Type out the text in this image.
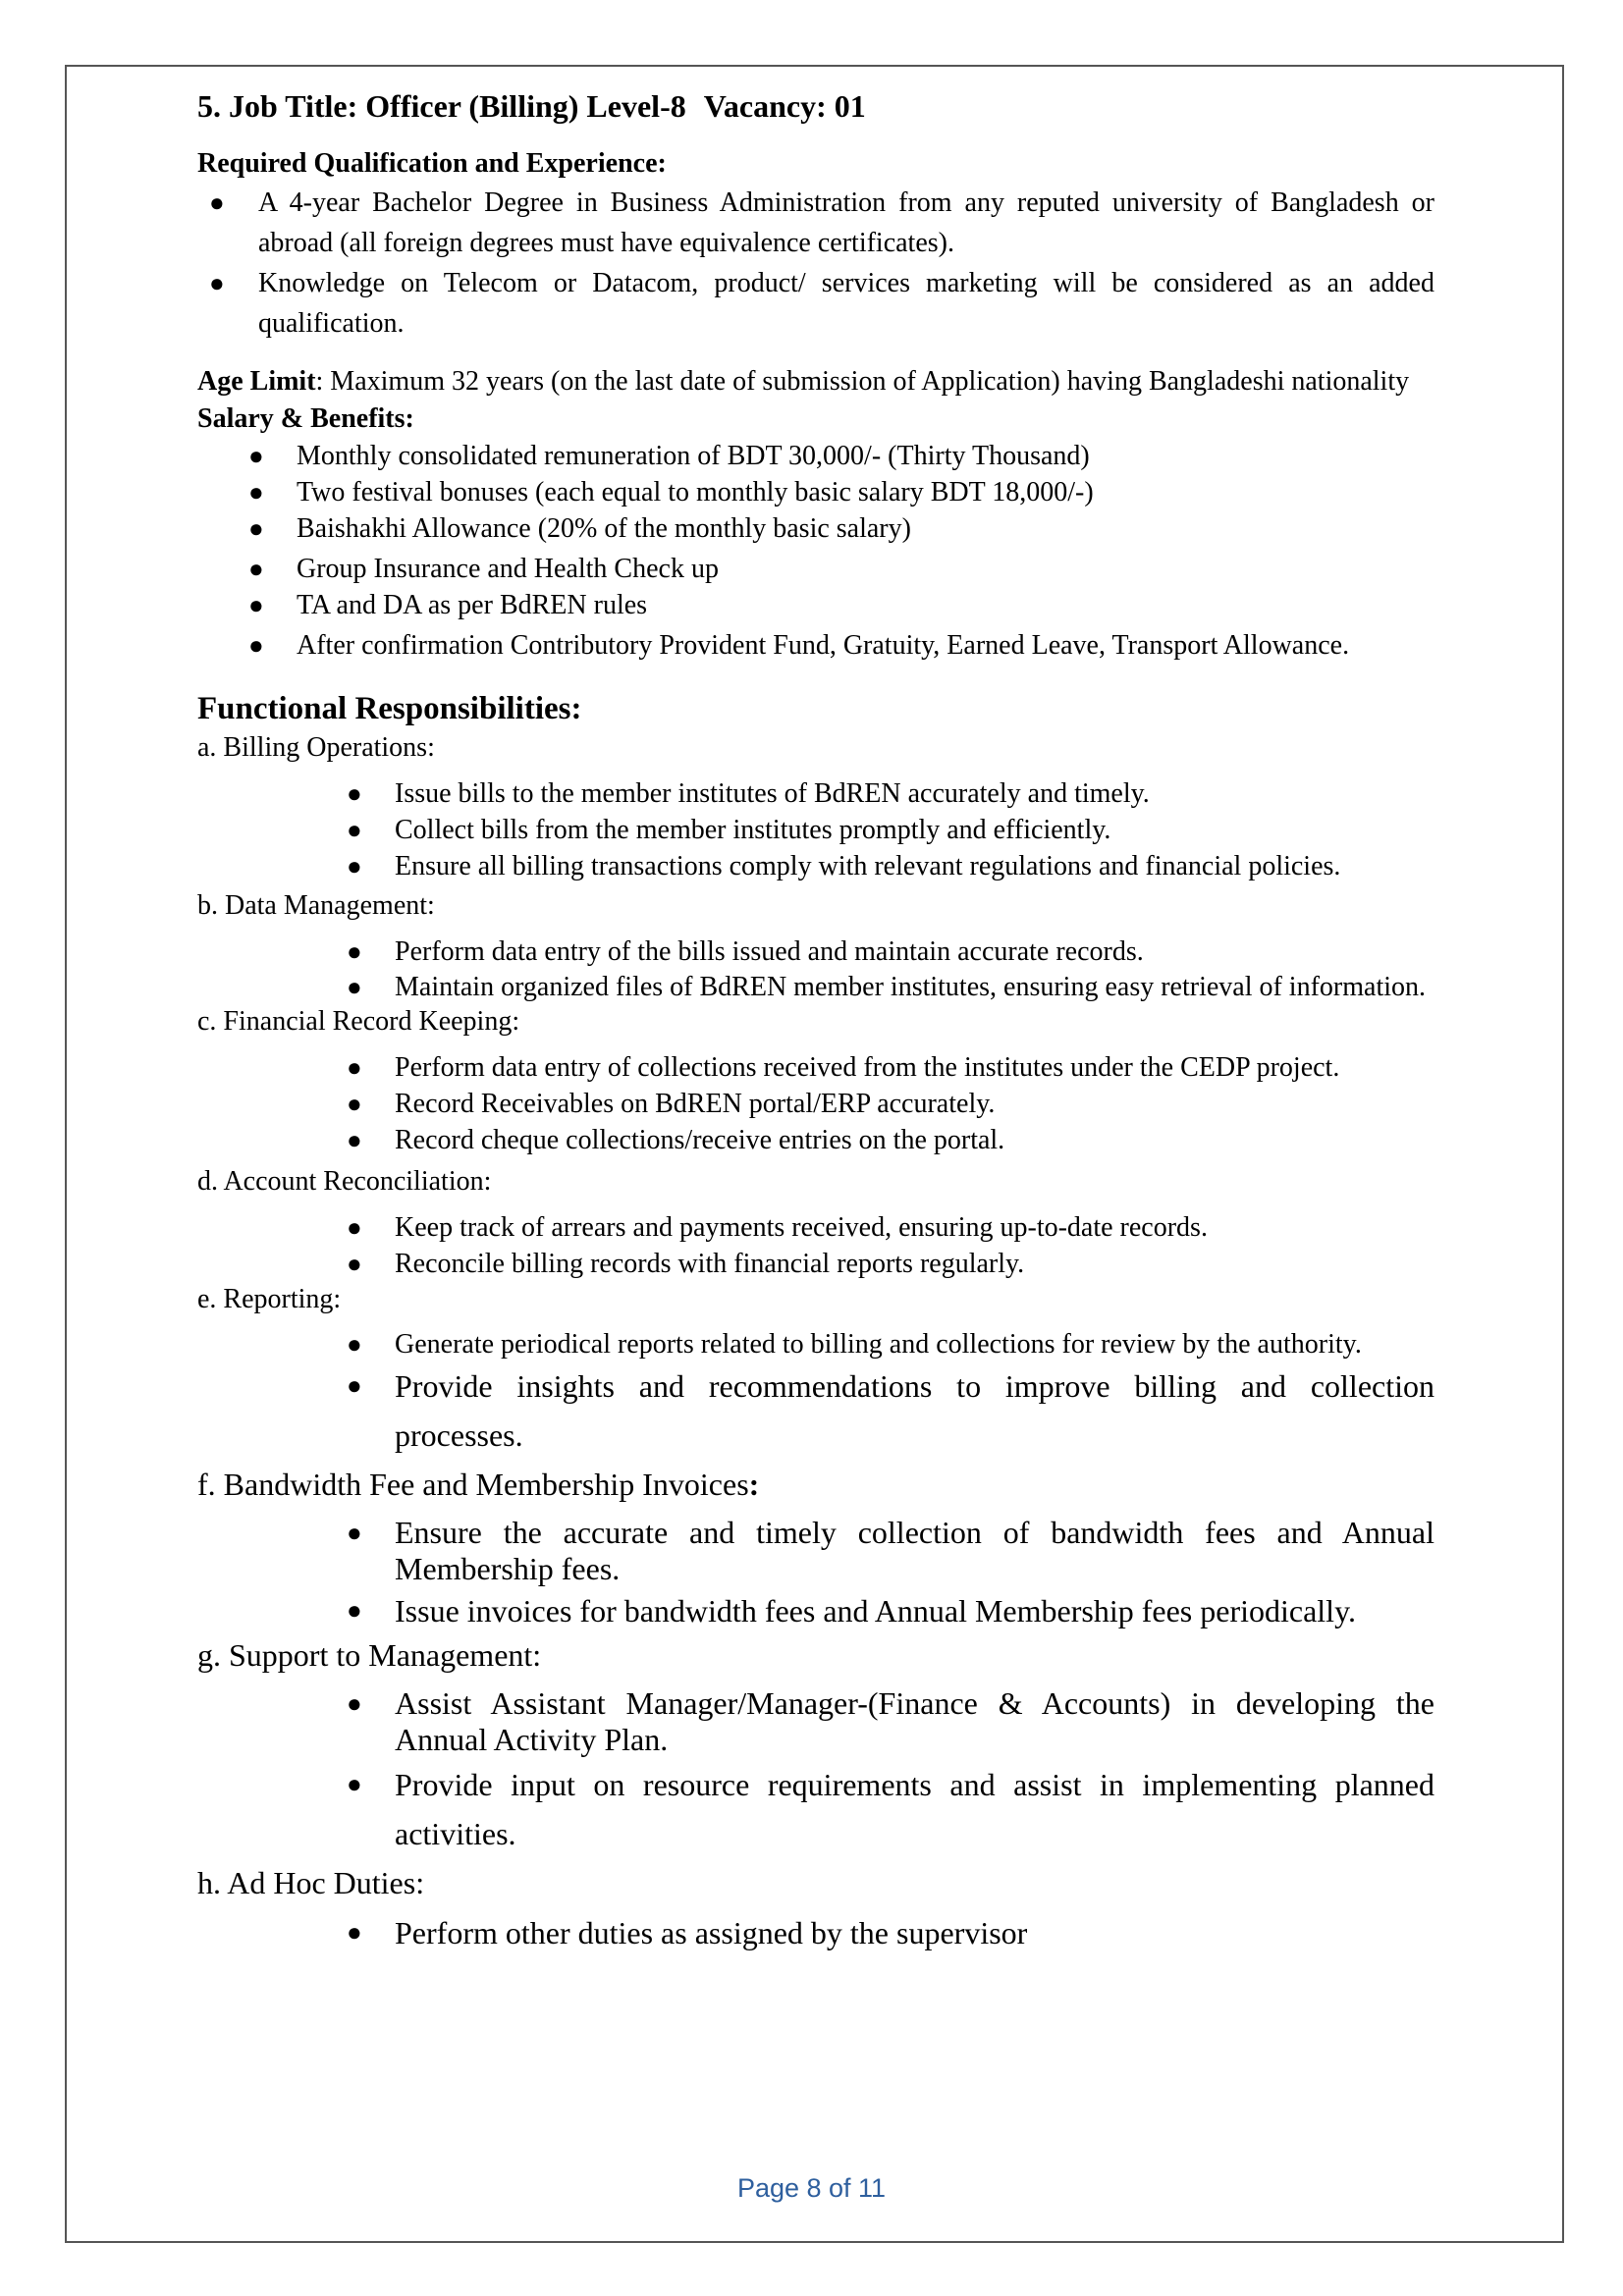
5. Job Title: Officer (Billing) Level-8 Vacancy: 01

Required Qualification and Experience:

● A 4-year Bachelor Degree in Business Administration from any reputed university of Bangladesh or abroad (all foreign degrees must have equivalence certificates).
● Knowledge on Telecom or Datacom, product/ services marketing will be considered as an added qualification.

Age Limit: Maximum 32 years (on the last date of submission of Application) having Bangladeshi nationality

Salary & Benefits:

● Monthly consolidated remuneration of BDT 30,000/- (Thirty Thousand)
● Two festival bonuses (each equal to monthly basic salary BDT 18,000/-)
● Baishakhi Allowance (20% of the monthly basic salary)
● Group Insurance and Health Check up
● TA and DA as per BdREN rules
● After confirmation Contributory Provident Fund, Gratuity, Earned Leave, Transport Allowance.

Functional Responsibilities:

a. Billing Operations:

● Issue bills to the member institutes of BdREN accurately and timely.
● Collect bills from the member institutes promptly and efficiently.
● Ensure all billing transactions comply with relevant regulations and financial policies.

b. Data Management:

● Perform data entry of the bills issued and maintain accurate records.
● Maintain organized files of BdREN member institutes, ensuring easy retrieval of information.

c. Financial Record Keeping:

● Perform data entry of collections received from the institutes under the CEDP project.
● Record Receivables on BdREN portal/ERP accurately.
● Record cheque collections/receive entries on the portal.

d. Account Reconciliation:

● Keep track of arrears and payments received, ensuring up-to-date records.
● Reconcile billing records with financial reports regularly.

e. Reporting:

● Generate periodical reports related to billing and collections for review by the authority.
● Provide insights and recommendations to improve billing and collection processes.

f. Bandwidth Fee and Membership Invoices:

● Ensure the accurate and timely collection of bandwidth fees and Annual Membership fees.
● Issue invoices for bandwidth fees and Annual Membership fees periodically.

g. Support to Management:

● Assist Assistant Manager/Manager-(Finance & Accounts) in developing the Annual Activity Plan.
● Provide input on resource requirements and assist in implementing planned activities.

h. Ad Hoc Duties:

● Perform other duties as assigned by the supervisor
Page 8 of 11
